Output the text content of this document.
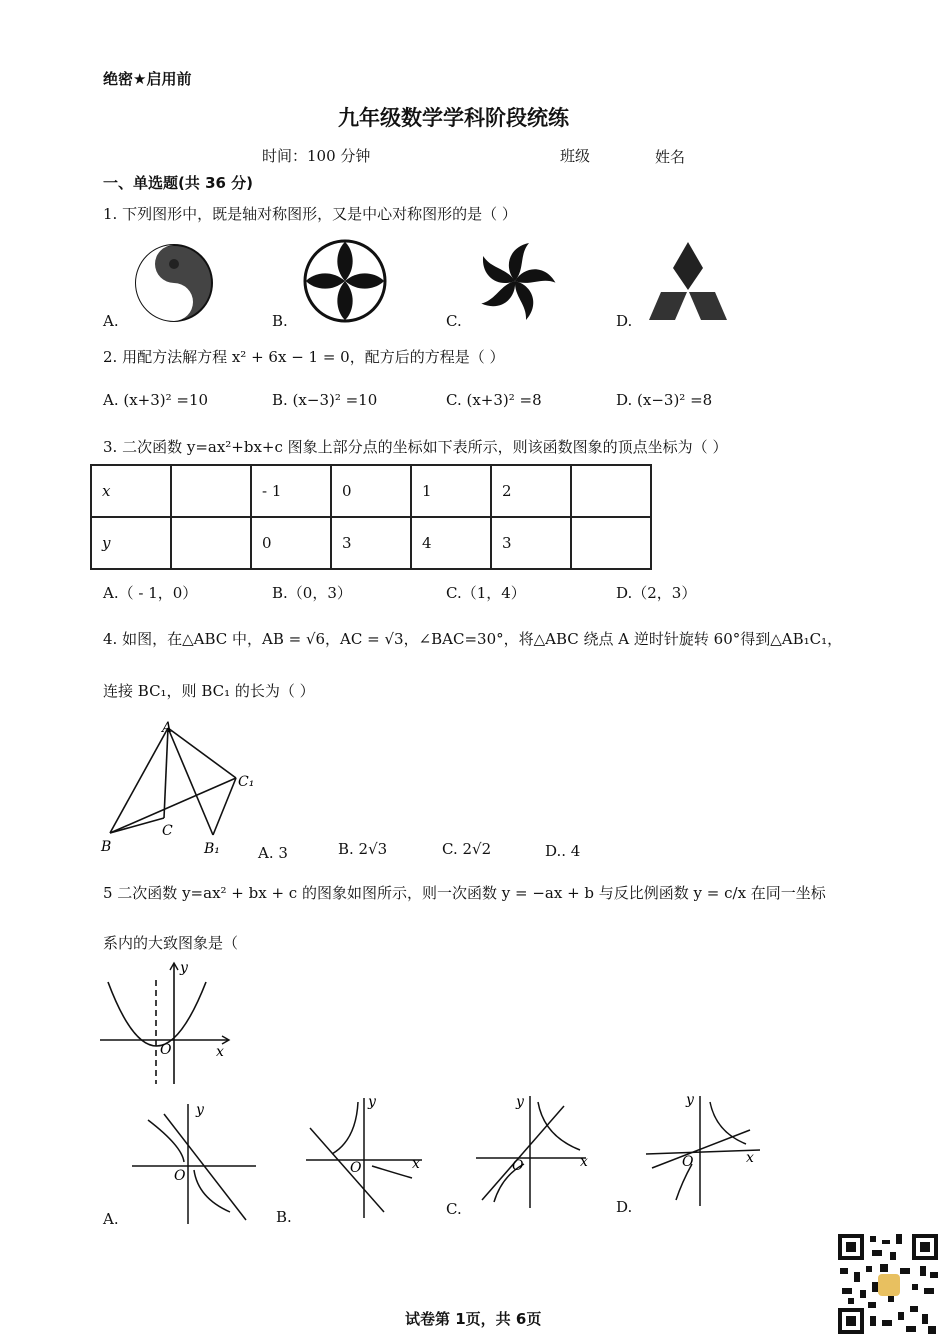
绝密★启用前
九年级数学学科阶段统练
时间：100 分钟	班级	姓名
一、单选题(共 36 分)
1. 下列图形中，既是轴对称图形，又是中心对称图形的是（ ）
A.	B.	C.	D.
2. 用配方法解方程 x² + 6x − 1 = 0，配方后的方程是（ ）
A. (x+3)² =10	B. (x−3)² =10	C. (x+3)² =8	D. (x−3)² =8
3. 二次函数 y=ax²+bx+c 图象上部分点的坐标如下表所示，则该函数图象的顶点坐标为（ ）
x		- 1	0	1	2	
y		0	3	4	3	
A.（ - 1，0）	B.（0，3）	C.（1，4）	D.（2，3）
4. 如图，在△ABC 中，AB = √6，AC = √3，∠BAC=30°，将△ABC 绕点 A 逆时针旋转 60°得到△AB₁C₁，
连接 BC₁，则 BC₁ 的长为（ ）
A
B
C
C₁
B₁	A. 3	B. 2√3	C. 2√2	D.. 4
5 二次函数 y=ax² + bx + c 的图象如图所示，则一次函数 y = −ax + b 与反比例函数 y = c/x 在同一坐标
系内的大致图象是（
y
x
O
y
O
y
x
O
y
x
O
y
x
O
A.	B.	C.	D.
试卷第 1页，共 6页
